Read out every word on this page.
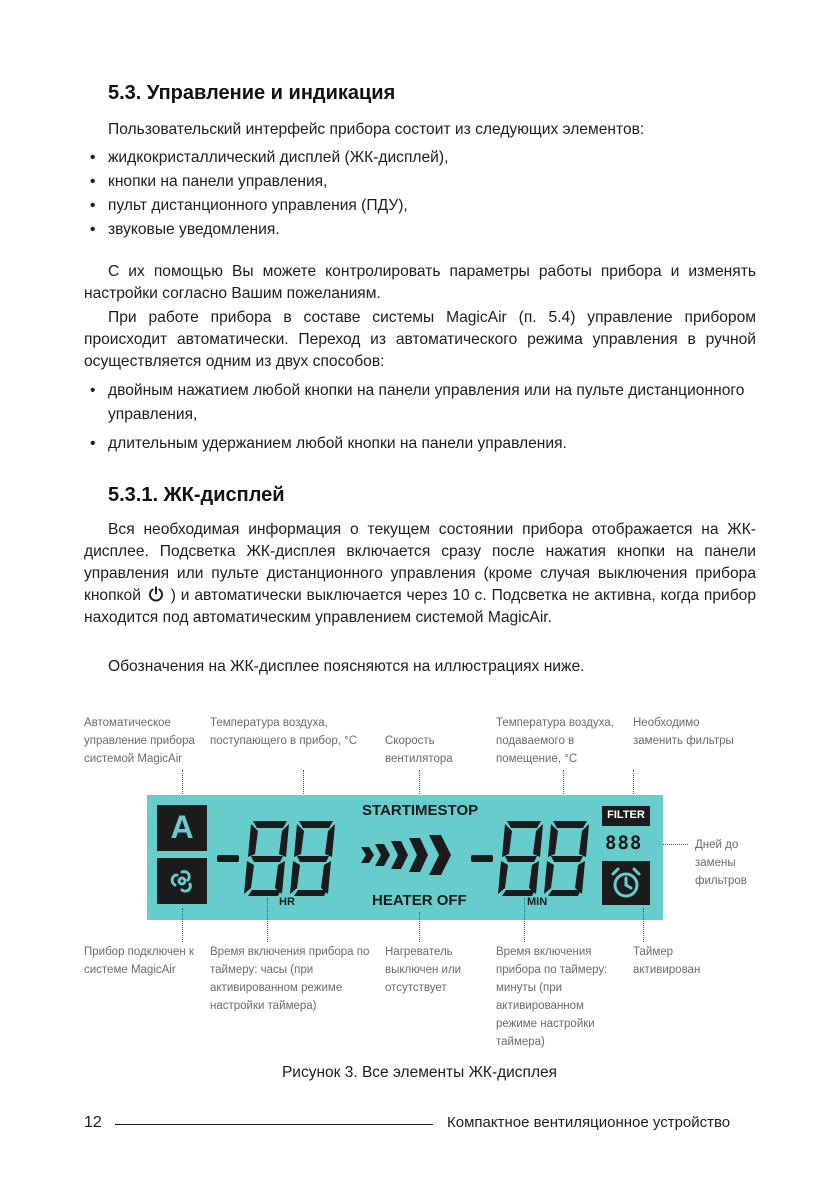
5.3. Управление и индикация
Пользовательский интерфейс прибора состоит из следующих элементов:
• жидкокристаллический дисплей (ЖК-дисплей),
• кнопки на панели управления,
• пульт дистанционного управления (ПДУ),
• звуковые уведомления.
С их помощью Вы можете контролировать параметры работы прибора и изменять настройки согласно Вашим пожеланиям.
При работе прибора в составе системы MagicAir (п. 5.4) управление прибором происходит автоматически. Переход из автоматического режима управления в ручной осуществляется одним из двух способов:
• двойным нажатием любой кнопки на панели управления или на пульте дистанционного управления,
• длительным удержанием любой кнопки на панели управления.
5.3.1. ЖК-дисплей
Вся необходимая информация о текущем состоянии прибора отображается на ЖК-дисплее. Подсветка ЖК-дисплея включается сразу после нажатия кнопки на панели управления или пульте дистанционного управления (кроме случая выключения прибора кнопкой ) и автоматически выключается через 10 с. Подсветка не активна, когда прибор находится под автоматическим управлением системой MagicAir.
Обозначения на ЖК-дисплее поясняются на иллюстрациях ниже.
Автоматическое управление прибора системой MagicAir
Температура воздуха, поступающего в прибор, °С Скорость вентилятора
Температура воздуха, подаваемого в помещение, °С
Необходимо заменить фильтры
Дней до замены фильтров
A	STARTIMESTOP
HEATER OFF
HR	MIN
FILTER
888
Прибор подключен к системе MagicAir
Время включения прибора по таймеру: часы (при активированном режиме настройки таймера)
Нагреватель выключен или отсутствует
Время включения прибора по таймеру: минуты (при активированном режиме настройки таймера)
Таймер активирован
Рисунок 3. Все элементы ЖК-дисплея
12	Компактное вентиляционное устройство
